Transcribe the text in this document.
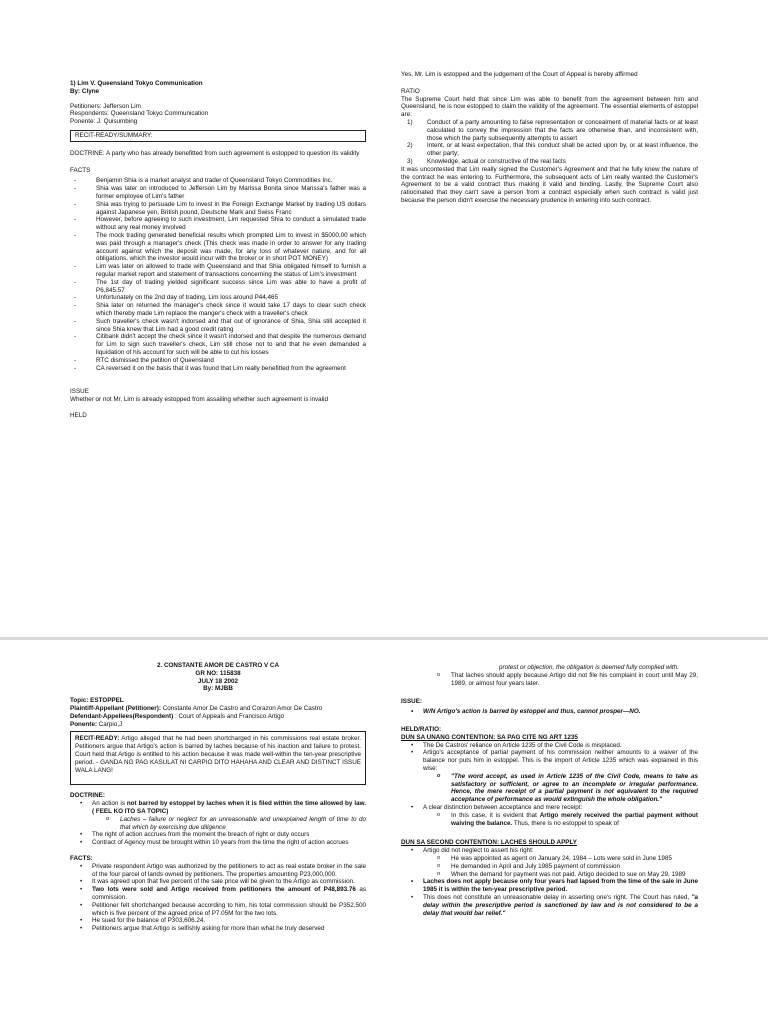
1) Lim V. Queensland Tokyo Communication

By: Clyne

Petitioners: Jefferson Lim

Respondents: Queensland Tokyo Communication

Ponente: J. Quisumbing

RECIT-READY/SUMMARY:

DOCTRINE: A party who has already benefitted from such agreement is estopped to question its validity

FACTS

- Benjamin Shia is a market analyst and trader of Queensland Tokyo Commodities Inc.
- Shia was later on introduced to Jefferson Lim by Marissa Bonita since Marissa's father was a former employee of Lim's father
- Shia was trying to persuade Lim to invest in the Foreign Exchange Market by trading US dollars against Japanese yen, British pound, Deutsche Mark and Swiss Franc
- However, before agreeing to such investment, Lim requested Shia to conduct a simulated trade without any real money involved
- The mock trading generated beneficial results which prompted Lim to invest in $5000.00 which was paid through a manager's check (This check was made in order to answer for any trading account against which the deposit was made, for any loss of whatever nature, and for all obligations, which the investor would incur with the broker or in short POT MONEY)
- Lim was later on allowed to trade with Queensland and that Shia obligated himself to furnish a regular market report and statement of transactions concerning the status of Lim's investment
- The 1st day of trading yielded significant success since Lim was able to have a profit of P6,845.57
- Unfortunately on the 2nd day of trading, Lim loss around P44,465
- Shia later on returned the manager's check since it would take 17 days to clear such check which thereby made Lim replace the manger's check with a traveller's check
- Such traveller's check wasn't indorsed and that out of ignorance of Shia, Shia still accepted it since Shia knew that Lim had a good credit rating
- Citibank didn't accept the check since it wasn't indorsed and that despite the numerous demand for Lim to sign such traveller's check, Lim still chose not to and that he even demanded a liquidation of his account for such will be able to cut his losses
- RTC dismissed the petition of Queensland
- CA reversed it on the basis that it was found that Lim really benefitted from the agreement

ISSUE

Whether or not Mr. Lim is already estopped from assailing whether such agreement is invalid

HELD

Yes, Mr. Lim is estopped and the judgement of the Court of Appeal is hereby affirmed

RATIO

The Supreme Court held that since Lim was able to benefit from the agreement between him and Queensland, he is now estopped to claim the validity of the agreement. The essential elements of estoppel are:

1) Conduct of a party amounting to false representation or concealment of material facts or at least calculated to convey the impression that the facts are otherwise than, and inconsistent with, those which the party subsequently attempts to assert
2) Intent, or at least expectation, that this conduct shall be acted upon by, or at least influence, the other party;
3) Knowledge, actual or constructive of the real facts

It was uncontested that Lim really signed the Customer's Agreement and that he fully knew the nature of the contract he was entering to. Furthermore, the subsequent acts of Lim really wanted the Customer's Agreement to be a valid contract thus making it valid and binding. Lastly, the Supreme Court also ratiocinated that they can't save a person from a contract especially when such contract is valid just because the person didn't exercise the necessary prudence in entering into such contract.

2. CONSTANTE AMOR DE CASTRO V CA

GR NO: 115838

JULY 18 2002

By: MJBB

Topic: ESTOPPEL

Plaintiff-Appellant (Petitioner): Constante Amor De Castro and Corazon Amor De Castro

Defendant-Appellees(Respondent) : Court of Appeals and Francisco Artigo

Ponente: Carpio,J

RECIT-READY: Artigo alleged that he had been shortcharged in his commissions real estate broker. Petitioners argue that Artigo's action is barred by laches because of his inaction and failure to protest. Court held that Artigo is entitled to his action because it was made well-within the ten-year prescriptive period. - GANDA NG PAG KASULAT NI CARPIO DITO HAHAHA AND CLEAR AND DISTINCT ISSUE WALA LANG!

DOCTRINE:

• An action is not barred by estoppel by laches when it is filed within the time allowed by law. ( FEEL KO ITO SA TOPIC)
o Laches – failure or neglect for an unreasonable and unexplained length of time to do that which by exercising due diligence
• The right of action accrues from the moment the breach of right or duty occurs
• Contract of Agency must be brought within 10 years from the time the right of action accrues

FACTS:

• Private respondent Artigo was authorized by the petitioners to act as real estate broker in the sale of the four parcel of lands owned by petitioners. The properties amounting P23,000,000.
• It was agreed upon that five percent of the sale price will be given to the Artigo as commission.
• Two lots were sold and Artigo received from petitioners the amount of P48,893.76 as commission.
• Petitioner felt shortchanged because according to him, his total commission should be P352,500 which is five percent of the agreed price of P7.05M for the two lots.
• He sued for the balance of P303,606.24.
• Petitioners argue that Artigo is selfishly asking for more than what he truly deserved

protest or objection, the obligation is deemed fully complied with.

o That laches should apply because Artigo did not file his complaint in court until May 29, 1989, or almost four years later.

ISSUE:

• W/N Artigo's action is barred by estoppel and thus, cannot prosper—NO.

HELD/RATIO:

DUN SA UNANG CONTENTION: SA PAG CITE NG ART 1235

• The De Castros' reliance on Article 1235 of the Civil Code is misplaced.
• Artigo's acceptance of partial payment of his commission neither amounts to a waiver of the balance nor puts him in estoppel. This is the import of Article 1235 which was explained in this wise:
o "The word accept, as used in Article 1235 of the Civil Code, means to take as satisfactory or sufficient, or agree to an incomplete or irregular performance. Hence, the mere receipt of a partial payment is not equivalent to the required acceptance of performance as would extinguish the whole obligation."
• A clear distinction between acceptance and mere receipt:
o In this case, it is evident that Artigo merely received the partial payment without waiving the balance. Thus, there is no estoppel to speak of

DUN SA SECOND CONTENTION: LACHES SHOULD APPLY

• Artigo did not neglect to assert his right:
o He was appointed as agent on January 24, 1984 – Lots were sold in June 1985
o He demanded in April and July 1985 payment of commission
o When the demand for payment was not paid. Artigo decided to sue on May 29, 1989
• Laches does not apply because only four years had lapsed from the time of the sale in June 1985 it is within the ten-year prescriptive period.
• This does not constitute an unreasonable delay in asserting one's right. The Court has ruled, "a delay within the prescriptive period is sanctioned by law and is not considered to be a delay that would bar relief."
